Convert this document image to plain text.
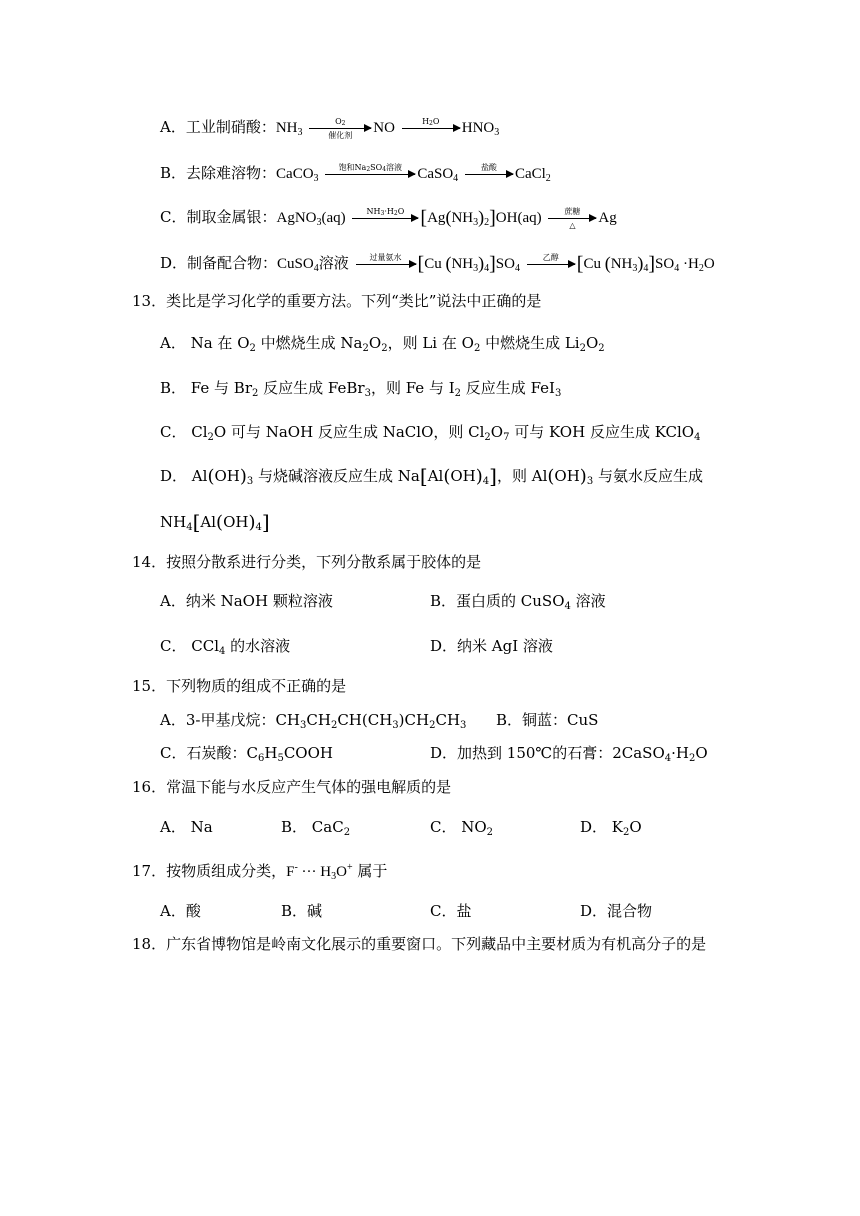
A．工业制硝酸：$NH_3$
$O_2$
催化剂	NO	$H_2O$	$HNO_3$
B．去除难溶物：CaCO$_3$
饱和$Na_2SO_4$溶液	CaSO$_4$
盐酸	CaCl$_2$
C．制取金属银：AgNO$_3$(aq)	$NH_3\cdot H_2O$ $[Ag(NH_3)_2]OH(aq)$	蔗糖
△	Ag
D．制备配合物：CuSO$_4$溶液	过量氨水 [Cu $(NH_3)_4]SO_4$
乙醇 [Cu $(NH_3)_4]SO_4 \cdot H_2O$
13．类比是学习化学的重要方法。下列“类比”说法中正确的是
A． Na 在 $O_2$ 中燃烧生成 $Na_2O_2$，则 Li 在 $O_2$ 中燃烧生成 $Li_2O_2$
B． Fe 与 $Br_2$ 反应生成 FeBr$_3$，则 Fe 与 $I_2$ 反应生成 FeI$_3$
C． $Cl_2O$ 可与 NaOH 反应生成 NaClO，则 $Cl_2O_7$ 可与 KOH 反应生成 KClO$_4$
D． $Al(OH)_3$ 与烧碱溶液反应生成 $Na[Al(OH)_4]$，则 $Al(OH)_3$ 与氨水反应生成
$NH_4[Al(OH)_4]$
14．按照分散系进行分类，下列分散系属于胶体的是
A．纳米 NaOH 颗粒溶液	B．蛋白质的 CuSO$_4$ 溶液
C． CCl$_4$ 的水溶液	D．纳米 AgI 溶液
15．下列物质的组成不正确的是
A．3-甲基戊烷：$CH_3CH_2CH(CH_3)CH_2CH_3$ B．铜蓝：CuS
C．石炭酸：$C_6H_5COOH$	D．加热到 150℃的石膏：$2CaSO_4\cdot H_2O$
16．常温下能与水反应产生气体的强电解质的是
A． Na	B． CaC$_2$	C． $NO_2$	D． $K_2O$
17．按物质组成分类，F- ··· $H_3O^+$ 属于
A．酸	B．碱	C．盐	D．混合物
18．广东省博物馆是岭南文化展示的重要窗口。下列藏品中主要材质为有机高分子的是
